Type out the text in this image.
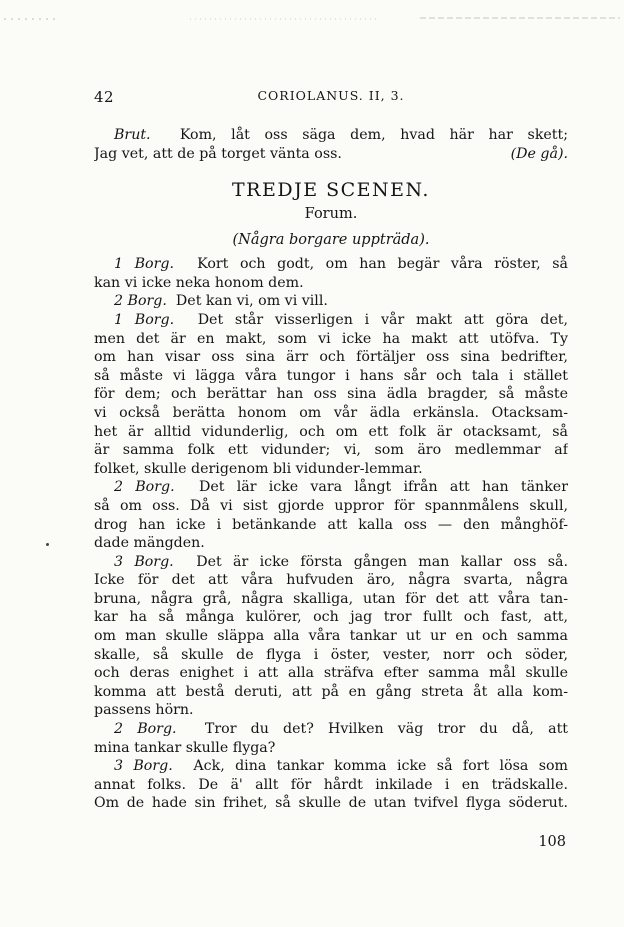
42	CORIOLANUS. II, 3.
Brut. Kom, låt oss säga dem, hvad här har skett;
Jag vet, att de på torget vänta oss.	(De gå).
TREDJE SCENEN.
Forum.
(Några borgare uppträda).
1 Borg. Kort och godt, om han begär våra röster, så
kan vi icke neka honom dem.
2 Borg. Det kan vi, om vi vill.
1 Borg. Det står visserligen i vår makt att göra det,
men det är en makt, som vi icke ha makt att utöfva. Ty
om han visar oss sina ärr och förtäljer oss sina bedrifter,
så måste vi lägga våra tungor i hans sår och tala i stället
för dem; och berättar han oss sina ädla bragder, så måste
vi också berätta honom om vår ädla erkänsla. Otacksam-
het är alltid vidunderlig, och om ett folk är otacksamt, så
är samma folk ett vidunder; vi, som äro medlemmar af
folket, skulle derigenom bli vidunder-lemmar.
2 Borg. Det lär icke vara långt ifrån att han tänker
så om oss. Då vi sist gjorde uppror för spannmålens skull,
drog han icke i betänkande att kalla oss — den månghöf-
dade mängden.
3 Borg. Det är icke första gången man kallar oss så.
Icke för det att våra hufvuden äro, några svarta, några
bruna, några grå, några skalliga, utan för det att våra tan-
kar ha så många kulörer, och jag tror fullt och fast, att,
om man skulle släppa alla våra tankar ut ur en och samma
skalle, så skulle de flyga i öster, vester, norr och söder,
och deras enighet i att alla sträfva efter samma mål skulle
komma att bestå deruti, att på en gång streta åt alla kom-
passens hörn.
2 Borg. Tror du det? Hvilken väg tror du då, att
mina tankar skulle flyga?
3 Borg. Ack, dina tankar komma icke så fort lösa som
annat folks. De ä' allt för hårdt inkilade i en trädskalle.
Om de hade sin frihet, så skulle de utan tvifvel flyga söderut.
108
